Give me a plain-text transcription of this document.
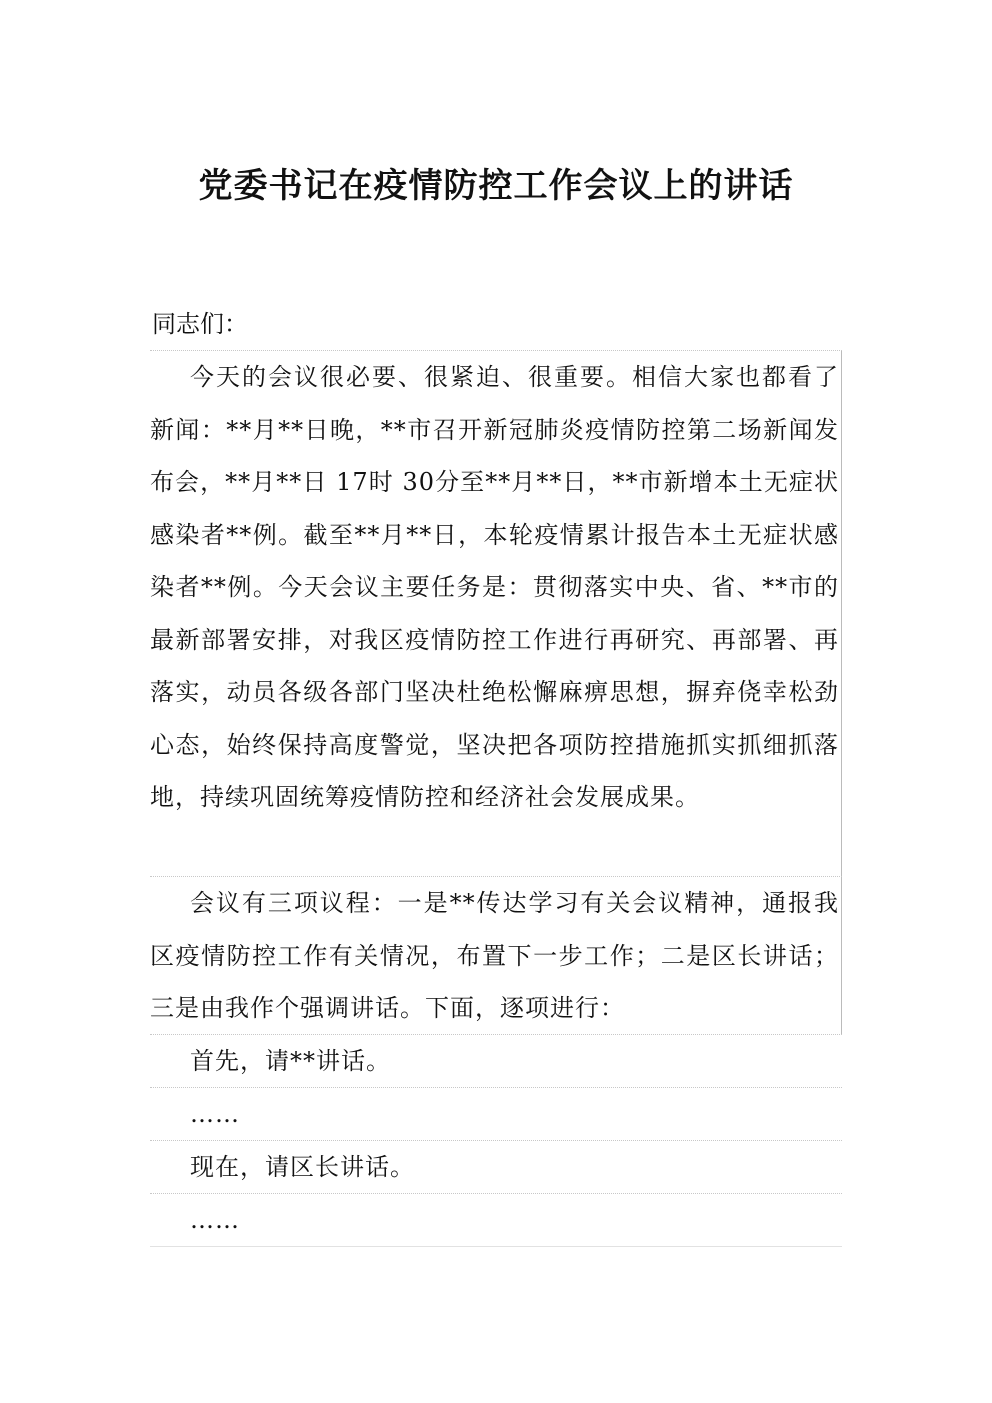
党委书记在疫情防控工作会议上的讲话
同志们：

今天的会议很必要、很紧迫、很重要。相信大家也都看了新闻：**月**日晚，**市召开新冠肺炎疫情防控第二场新闻发布会，**月**日 17时 30分至**月**日，**市新增本土无症状感染者**例。截至**月**日，本轮疫情累计报告本土无症状感染者**例。今天会议主要任务是：贯彻落实中央、省、**市的最新部署安排，对我区疫情防控工作进行再研究、再部署、再落实，动员各级各部门坚决杜绝松懈麻痹思想，摒弃侥幸松劲心态，始终保持高度警觉，坚决把各项防控措施抓实抓细抓落地，持续巩固统筹疫情防控和经济社会发展成果。

会议有三项议程：一是**传达学习有关会议精神，通报我区疫情防控工作有关情况，布置下一步工作；二是区长讲话；三是由我作个强调讲话。下面，逐项进行：

首先，请**讲话。

……

现在，请区长讲话。

……
